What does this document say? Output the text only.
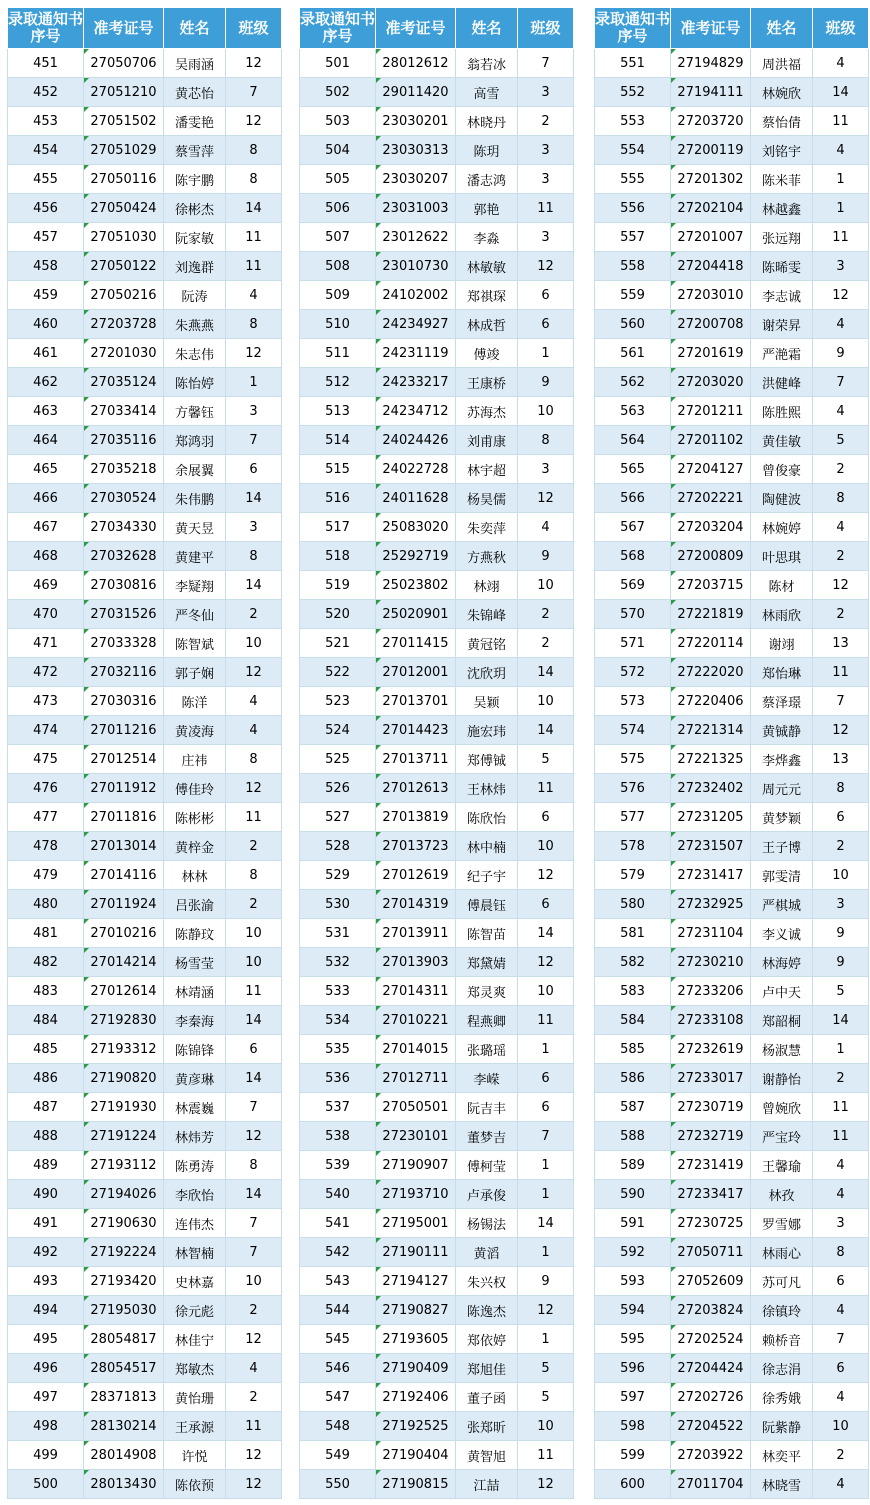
录取通知书序号	准考证号	姓名	班级
451	27050706	吴雨涵	12
452	27051210	黄芯怡	7
453	27051502	潘雯艳	12
454	27051029	蔡雪萍	8
455	27050116	陈宇鹏	8
456	27050424	徐彬杰	14
457	27051030	阮家敏	11
458	27050122	刘逸群	11
459	27050216	阮涛	4
460	27203728	朱燕燕	8
461	27201030	朱志伟	12
462	27035124	陈怡婷	1
463	27033414	方馨钰	3
464	27035116	郑鸿羽	7
465	27035218	余展翼	6
466	27030524	朱伟鹏	14
467	27034330	黄天昱	3
468	27032628	黄建平	8
469	27030816	李疑翔	14
470	27031526	严冬仙	2
471	27033328	陈智斌	10
472	27032116	郭子娴	12
473	27030316	陈洋	4
474	27011216	黄凌海	4
475	27012514	庄祎	8
476	27011912	傅佳玲	12
477	27011816	陈彬彬	11
478	27013014	黄梓金	2
479	27014116	林林	8
480	27011924	吕张渝	2
481	27010216	陈静玟	10
482	27014214	杨雪莹	10
483	27012614	林靖涵	11
484	27192830	李秦海	14
485	27193312	陈锦锋	6
486	27190820	黄彦琳	14
487	27191930	林震巍	7
488	27191224	林炜芳	12
489	27193112	陈勇涛	8
490	27194026	李欣怡	14
491	27190630	连伟杰	7
492	27192224	林智楠	7
493	27193420	史林嘉	10
494	27195030	徐元彪	2
495	28054817	林佳宁	12
496	28054517	郑敏杰	4
497	28371813	黄怡珊	2
498	28130214	王承源	11
499	28014908	许悦	12
500	28013430	陈依预	12
录取通知书序号	准考证号	姓名	班级
501	28012612	翁若冰	7
502	29011420	高雪	3
503	23030201	林晓丹	2
504	23030313	陈玥	3
505	23030207	潘志鸿	3
506	23031003	郭艳	11
507	23012622	李淼	3
508	23010730	林敏敏	12
509	24102002	郑祺琛	6
510	24234927	林成哲	6
511	24231119	傅竣	1
512	24233217	王康桥	9
513	24234712	苏海杰	10
514	24024426	刘甫康	8
515	24022728	林宇超	3
516	24011628	杨昊儒	12
517	25083020	朱奕萍	4
518	25292719	方燕秋	9
519	25023802	林翊	10
520	25020901	朱锦峰	2
521	27011415	黄冠铭	2
522	27012001	沈欣玥	14
523	27013701	吴颖	10
524	27014423	施宏玮	14
525	27013711	郑傅铖	5
526	27012613	王林炜	11
527	27013819	陈欣怡	6
528	27013723	林中楠	10
529	27012619	纪子宇	12
530	27014319	傅晨钰	6
531	27013911	陈智苗	14
532	27013903	郑黛婧	12
533	27014311	郑灵爽	10
534	27010221	程燕卿	11
535	27014015	张璐瑶	1
536	27012711	李嵘	6
537	27050501	阮吉丰	6
538	27230101	董梦吉	7
539	27190907	傅柯莹	1
540	27193710	卢承俊	1
541	27195001	杨锡法	14
542	27190111	黄滔	1
543	27194127	朱兴权	9
544	27190827	陈逸杰	12
545	27193605	郑依婷	1
546	27190409	郑旭佳	5
547	27192406	董子函	5
548	27192525	张郑昕	10
549	27190404	黄智旭	11
550	27190815	江喆	12
录取通知书序号	准考证号	姓名	班级
551	27194829	周洪福	4
552	27194111	林婉欣	14
553	27203720	蔡怡倩	11
554	27200119	刘铭宇	4
555	27201302	陈米菲	1
556	27202104	林越鑫	1
557	27201007	张远翔	11
558	27204418	陈晞雯	3
559	27203010	李志诚	12
560	27200708	谢荣昇	4
561	27201619	严滟霜	9
562	27203020	洪健峰	7
563	27201211	陈胜熙	4
564	27201102	黄佳敏	5
565	27204127	曾俊豪	2
566	27202221	陶健波	8
567	27203204	林婉婷	4
568	27200809	叶思琪	2
569	27203715	陈材	12
570	27221819	林雨欣	2
571	27220114	谢翊	13
572	27222020	郑怡琳	11
573	27220406	蔡泽璟	7
574	27221314	黄铖静	12
575	27221325	李烨鑫	13
576	27232402	周元元	8
577	27231205	黄梦颖	6
578	27231507	王子博	2
579	27231417	郭雯清	10
580	27232925	严棋城	3
581	27231104	李义诚	9
582	27230210	林海婷	9
583	27233206	卢中天	5
584	27233108	郑韶桐	14
585	27232619	杨淑慧	1
586	27233017	谢静怡	2
587	27230719	曾婉欣	11
588	27232719	严宝玲	11
589	27231419	王馨瑜	4
590	27233417	林孜	4
591	27230725	罗雪娜	3
592	27050711	林雨心	8
593	27052609	苏可凡	6
594	27203824	徐镇玲	4
595	27202524	赖桥音	7
596	27204424	徐志涓	6
597	27202726	徐秀娥	4
598	27204522	阮紫静	10
599	27203922	林奕平	2
600	27011704	林晓雪	4
